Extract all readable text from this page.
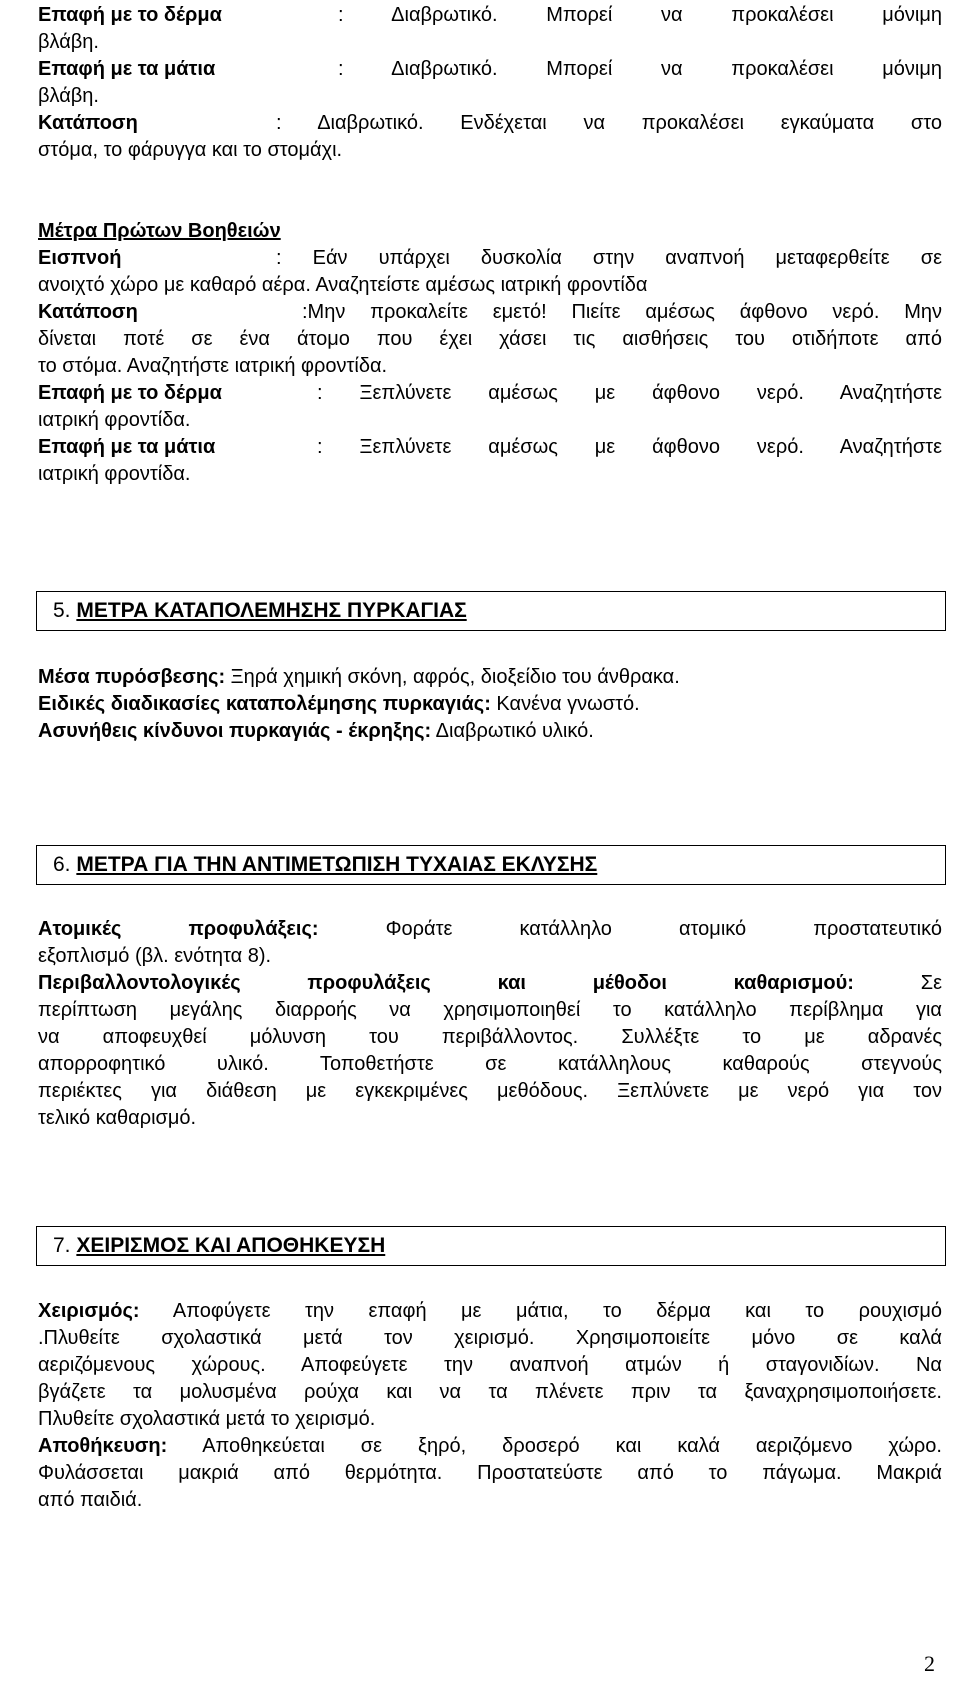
Επαφή με το δέρμα	: Διαβρωτικό. Μπορεί να προκαλέσει μόνιμη
βλάβη.
Επαφή με τα μάτια	: Διαβρωτικό. Μπορεί να προκαλέσει μόνιμη
βλάβη.
Κατάποση	: Διαβρωτικό. Ενδέχεται να προκαλέσει εγκαύματα στο
στόμα, το φάρυγγα και το στομάχι.
Μέτρα Πρώτων Βοηθειών
Εισπνοή	: Εάν υπάρχει δυσκολία στην αναπνοή μεταφερθείτε σε
ανοιχτό χώρο με καθαρό αέρα. Αναζητείστε αμέσως ιατρική φροντίδα
Κατάποση	:Μην προκαλείτε εμετό! Πιείτε αμέσως άφθονο νερό. Μην
δίνεται ποτέ σε ένα άτομο που έχει χάσει τις αισθήσεις του οτιδήποτε από
το στόμα. Αναζητήστε ιατρική φροντίδα.
Επαφή με το δέρμα	: Ξεπλύνετε αμέσως με άφθονο νερό. Αναζητήστε
ιατρική φροντίδα.
Επαφή με τα μάτια	: Ξεπλύνετε αμέσως με άφθονο νερό. Αναζητήστε
ιατρική φροντίδα.
5. ΜΕΤΡΑ ΚΑΤΑΠΟΛΕΜΗΣΗΣ ΠΥΡΚΑΓΙΑΣ
Μέσα πυρόσβεσης: Ξηρά χημική σκόνη, αφρός, διοξείδιο του άνθρακα.
Ειδικές διαδικασίες καταπολέμησης πυρκαγιάς: Κανένα γνωστό.
Ασυνήθεις κίνδυνοι πυρκαγιάς - έκρηξης: Διαβρωτικό υλικό.
6. ΜΕΤΡΑ ΓΙΑ ΤΗΝ ΑΝΤΙΜΕΤΩΠΙΣΗ ΤΥΧΑΙΑΣ ΕΚΛΥΣΗΣ
Ατομικές προφυλάξεις:	Φοράτε κατάλληλο ατομικό προστατευτικό
εξοπλισμό (βλ. ενότητα 8).
Περιβαλλοντολογικές προφυλάξεις και μέθοδοι καθαρισμού:	Σε
περίπτωση μεγάλης διαρροής να χρησιμοποιηθεί το κατάλληλο περίβλημα για
να αποφευχθεί μόλυνση του περιβάλλοντος. Συλλέξτε το με αδρανές
απορροφητικό υλικό. Τοποθετήστε σε κατάλληλους καθαρούς στεγνούς
περιέκτες για διάθεση με εγκεκριμένες μεθόδους. Ξεπλύνετε με νερό για τον
τελικό καθαρισμό.
7. ΧΕΙΡΙΣΜΟΣ ΚΑΙ ΑΠΟΘΗΚΕΥΣΗ
Χειρισμός: Αποφύγετε την επαφή με μάτια, το δέρμα και το ρουχισμό
.Πλυθείτε σχολαστικά μετά τον χειρισμό. Χρησιμοποιείτε μόνο σε καλά
αεριζόμενους χώρους. Αποφεύγετε την αναπνοή ατμών ή σταγονιδίων. Να
βγάζετε τα μολυσμένα ρούχα και να τα πλένετε πριν τα ξαναχρησιμοποιήσετε.
Πλυθείτε σχολαστικά μετά το χειρισμό.
Αποθήκευση: Αποθηκεύεται σε ξηρό, δροσερό και καλά αεριζόμενο χώρο.
Φυλάσσεται μακριά από θερμότητα. Προστατεύστε από το πάγωμα. Μακριά
από παιδιά.
2
